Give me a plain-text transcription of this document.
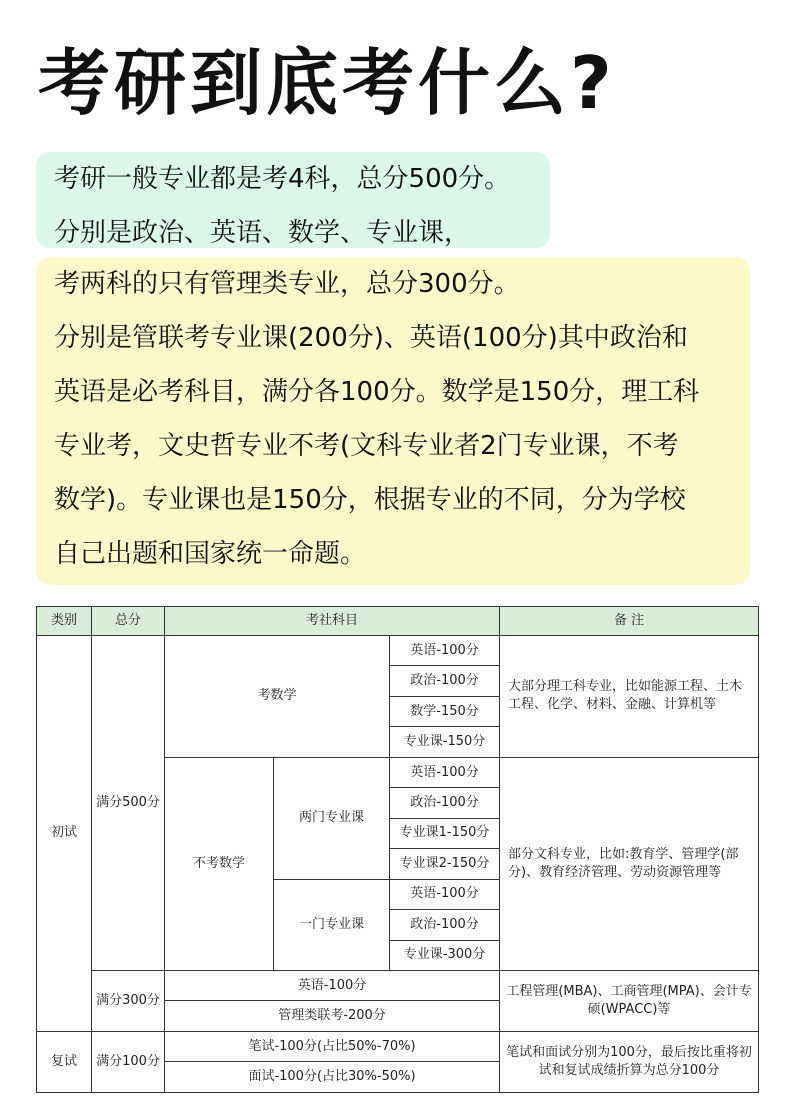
考研到底考什么?
考研一般专业都是考4科，总分500分。
分别是政治、英语、数学、专业课，
考两科的只有管理类专业，总分300分。
分别是管联考专业课(200分)、英语(100分)其中政治和
英语是必考科目，满分各100分。数学是150分，理工科
专业考，文史哲专业不考(文科专业者2门专业课，不考
数学)。专业课也是150分，根据专业的不同，分为学校
自己出题和国家统一命题。
类别	总分	考社科目			备 注
初试	满分500分	考数学		英语-100分	大部分理工科专业，比如能源工程、土木工程、化学、材料、金融、计算机等
				政治-100分	
				数学-150分	
				专业课-150分	
		不考数学	两门专业课	英语-100分	部分文科专业，比如:教育学、管理学(部分)、教育经济管理、劳动资源管理等
				政治-100分	
				专业课1-150分	
				专业课2-150分	
			一门专业课	英语-100分	
				政治-100分	
				专业课-300分	
	满分300分	英语-100分			工程管理(MBA)、工商管理(MPA)、会计专硕(WPACC)等
		管理类联考-200分			
复试	满分100分	笔试-100分(占比50%-70%)			笔试和面试分别为100分，最后按比重将初试和复试成绩折算为总分100分
		面试-100分(占比30%-50%)			
